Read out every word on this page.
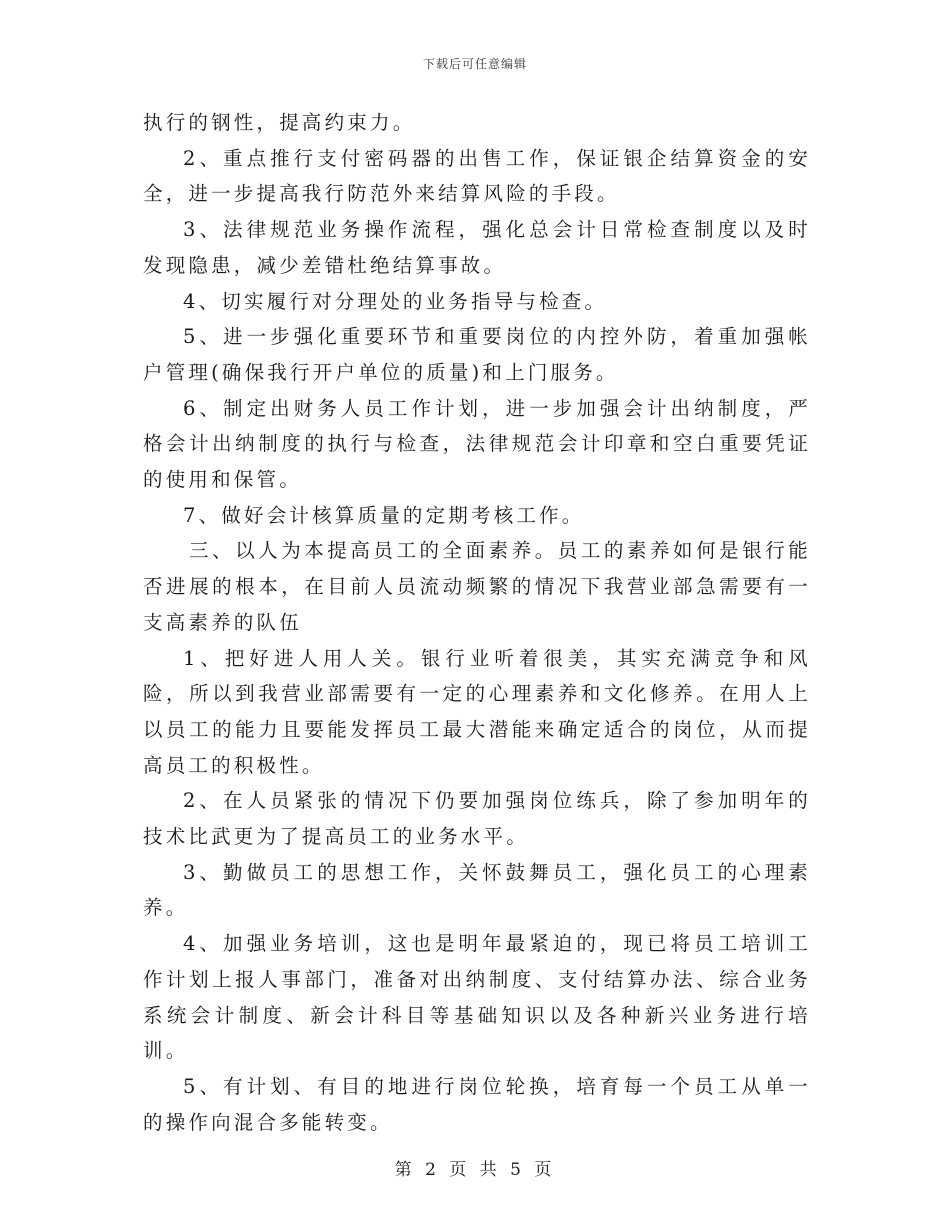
下载后可任意编辑

执行的钢性，提高约束力。

2、重点推行支付密码器的出售工作，保证银企结算资金的安全，进一步提高我行防范外来结算风险的手段。

3、法律规范业务操作流程，强化总会计日常检查制度以及时发现隐患，减少差错杜绝结算事故。

4、切实履行对分理处的业务指导与检查。

5、进一步强化重要环节和重要岗位的内控外防，着重加强帐户管理(确保我行开户单位的质量)和上门服务。

6、制定出财务人员工作计划，进一步加强会计出纳制度，严格会计出纳制度的执行与检查，法律规范会计印章和空白重要凭证的使用和保管。

7、做好会计核算质量的定期考核工作。

三、以人为本提高员工的全面素养。员工的素养如何是银行能否进展的根本，在目前人员流动频繁的情况下我营业部急需要有一支高素养的队伍

1、把好进人用人关。银行业听着很美，其实充满竞争和风险，所以到我营业部需要有一定的心理素养和文化修养。在用人上以员工的能力且要能发挥员工最大潜能来确定适合的岗位，从而提高员工的积极性。

2、在人员紧张的情况下仍要加强岗位练兵，除了参加明年的技术比武更为了提高员工的业务水平。

3、勤做员工的思想工作，关怀鼓舞员工，强化员工的心理素养。

4、加强业务培训，这也是明年最紧迫的，现已将员工培训工作计划上报人事部门，准备对出纳制度、支付结算办法、综合业务系统会计制度、新会计科目等基础知识以及各种新兴业务进行培训。

5、有计划、有目的地进行岗位轮换，培育每一个员工从单一的操作向混合多能转变。

第 2 页 共 5 页
